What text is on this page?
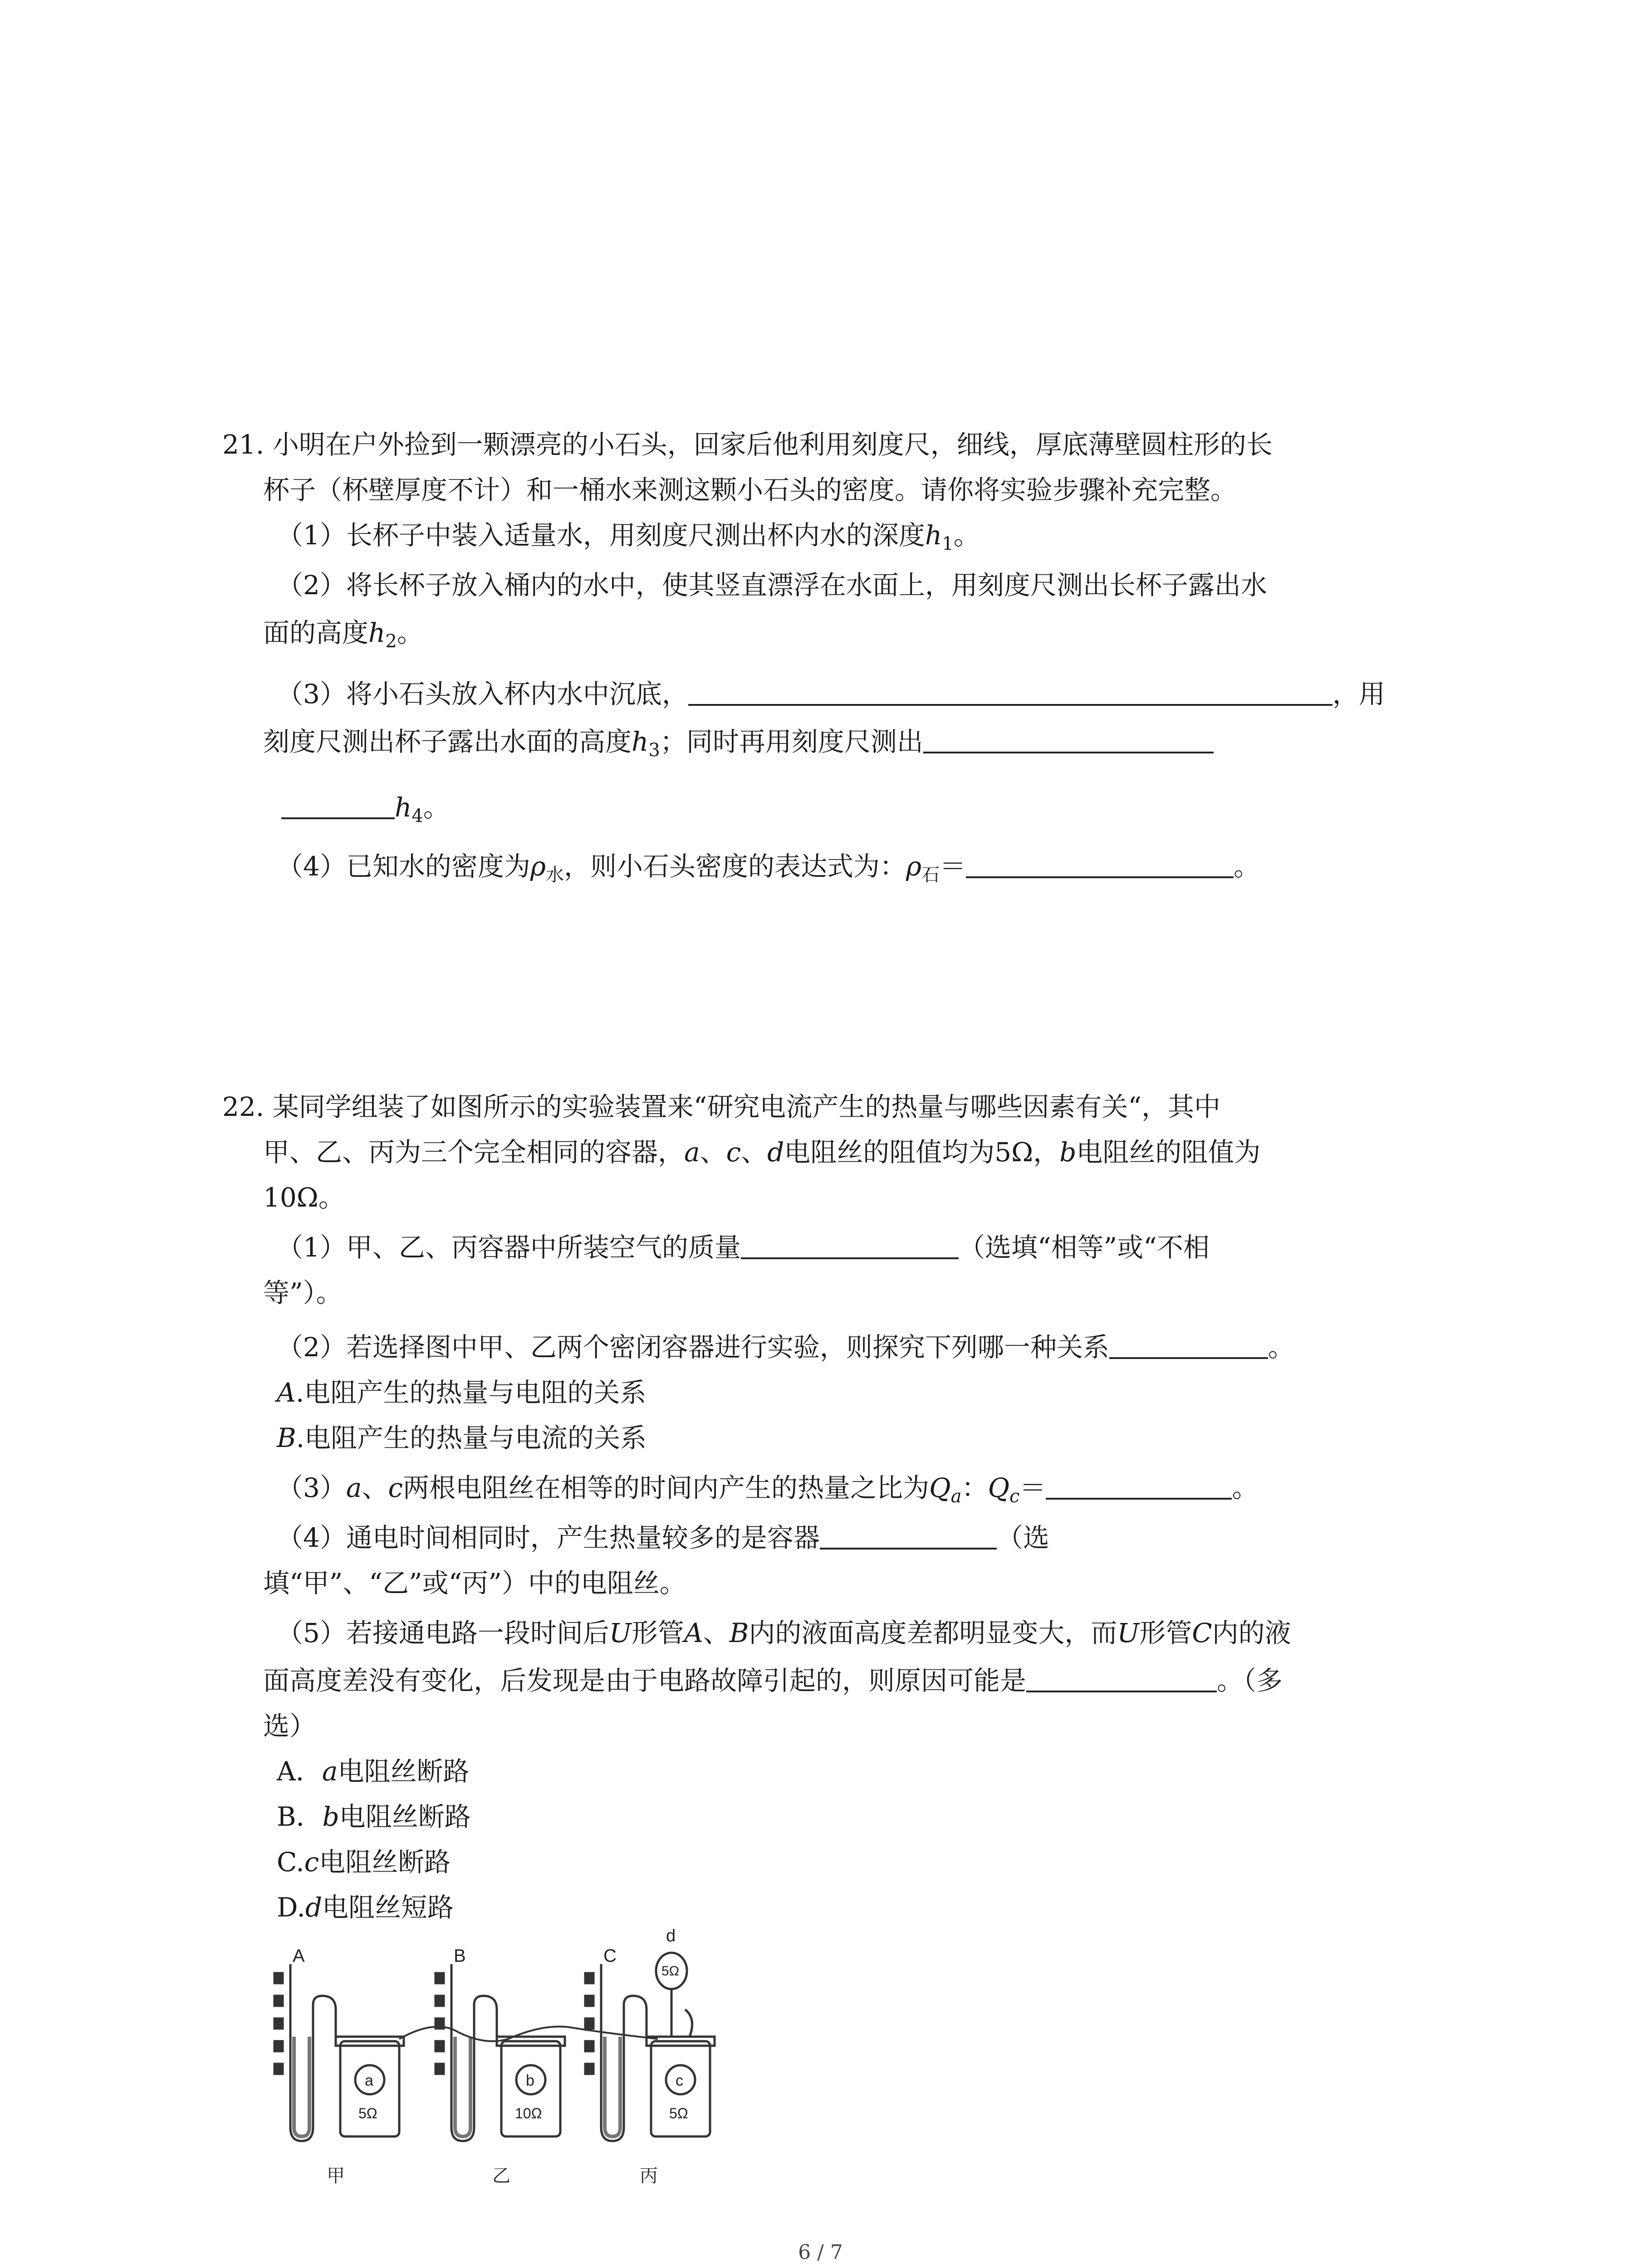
21. 小明在户外捡到一颗漂亮的小石头，回家后他利用刻度尺，细线，厚底薄壁圆柱形的长
杯子（杯壁厚度不计）和一桶水来测这颗小石头的密度。请你将实验步骤补充完整。
（1）长杯子中装入适量水，用刻度尺测出杯内水的深度$h_1$。
（2）将长杯子放入桶内的水中，使其竖直漂浮在水面上，用刻度尺测出长杯子露出水
面的高度$h_2$。
（3）将小石头放入杯内水中沉底，	，用
刻度尺测出杯子露出水面的高度$h_3$；同时再用刻度尺测出
$h_4$。
（4）已知水的密度为$\rho_水$，则小石头密度的表达式为：$\rho_石=$	。
22. 某同学组装了如图所示的实验装置来“研究电流产生的热量与哪些因素有关“，其中
甲、乙、丙为三个完全相同的容器，a、c、d电阻丝的阻值均为5Ω，b电阻丝的阻值为
10Ω。
（1）甲、乙、丙容器中所装空气的质量	（选填“相等”或“不相
等”）。
（2）若选择图中甲、乙两个密闭容器进行实验，则探究下列哪一种关系	。
A.电阻产生的热量与电阻的关系
B.电阻产生的热量与电流的关系
（3）a、c两根电阻丝在相等的时间内产生的热量之比为$Q_a$：$Q_c=$	。
（4）通电时间相同时，产生热量较多的是容器	（选
填“甲”、“乙”或“丙”）中的电阻丝。
（5）若接通电路一段时间后U形管A、B内的液面高度差都明显变大，而U形管C内的液
面高度差没有变化，后发现是由于电路故障引起的，则原因可能是	。（多
选）
A．a电阻丝断路
B．b电阻丝断路
C.c电阻丝断路
D.d电阻丝短路
A	B	C
a	b	c
d
5Ω	10Ω	5Ω
5Ω
甲	乙	丙
6 / 7
